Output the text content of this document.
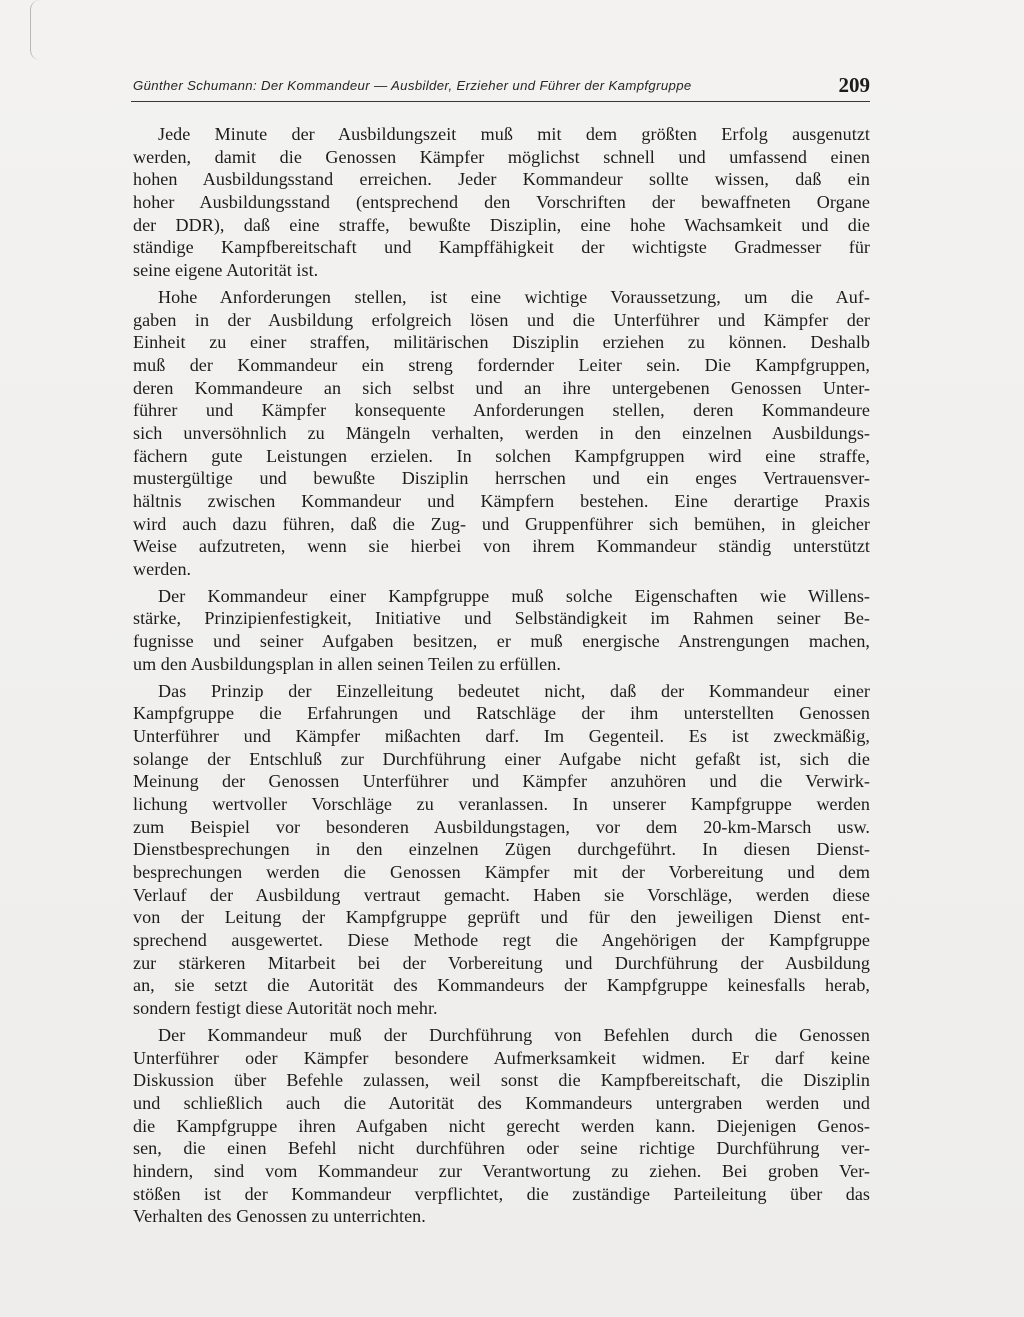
Günther Schumann: Der Kommandeur — Ausbilder, Erzieher und Führer der Kampfgruppe	209
Jede Minute der Ausbildungszeit muß mit dem größten Erfolg ausgenutzt
werden, damit die Genossen Kämpfer möglichst schnell und umfassend einen
hohen Ausbildungsstand erreichen. Jeder Kommandeur sollte wissen, daß ein
hoher Ausbildungsstand (entsprechend den Vorschriften der bewaffneten Organe
der DDR), daß eine straffe, bewußte Disziplin, eine hohe Wachsamkeit und die
ständige Kampfbereitschaft und Kampffähigkeit der wichtigste Gradmesser für
seine eigene Autorität ist.
Hohe Anforderungen stellen, ist eine wichtige Voraussetzung, um die Auf-
gaben in der Ausbildung erfolgreich lösen und die Unterführer und Kämpfer der
Einheit zu einer straffen, militärischen Disziplin erziehen zu können. Deshalb
muß der Kommandeur ein streng fordernder Leiter sein. Die Kampfgruppen,
deren Kommandeure an sich selbst und an ihre untergebenen Genossen Unter-
führer und Kämpfer konsequente Anforderungen stellen, deren Kommandeure
sich unversöhnlich zu Mängeln verhalten, werden in den einzelnen Ausbildungs-
fächern gute Leistungen erzielen. In solchen Kampfgruppen wird eine straffe,
mustergültige und bewußte Disziplin herrschen und ein enges Vertrauensver-
hältnis zwischen Kommandeur und Kämpfern bestehen. Eine derartige Praxis
wird auch dazu führen, daß die Zug- und Gruppenführer sich bemühen, in gleicher
Weise aufzutreten, wenn sie hierbei von ihrem Kommandeur ständig unterstützt
werden.
Der Kommandeur einer Kampfgruppe muß solche Eigenschaften wie Willens-
stärke, Prinzipienfestigkeit, Initiative und Selbständigkeit im Rahmen seiner Be-
fugnisse und seiner Aufgaben besitzen, er muß energische Anstrengungen machen,
um den Ausbildungsplan in allen seinen Teilen zu erfüllen.
Das Prinzip der Einzelleitung bedeutet nicht, daß der Kommandeur einer
Kampfgruppe die Erfahrungen und Ratschläge der ihm unterstellten Genossen
Unterführer und Kämpfer mißachten darf. Im Gegenteil. Es ist zweckmäßig,
solange der Entschluß zur Durchführung einer Aufgabe nicht gefaßt ist, sich die
Meinung der Genossen Unterführer und Kämpfer anzuhören und die Verwirk-
lichung wertvoller Vorschläge zu veranlassen. In unserer Kampfgruppe werden
zum Beispiel vor besonderen Ausbildungstagen, vor dem 20-km-Marsch usw.
Dienstbesprechungen in den einzelnen Zügen durchgeführt. In diesen Dienst-
besprechungen werden die Genossen Kämpfer mit der Vorbereitung und dem
Verlauf der Ausbildung vertraut gemacht. Haben sie Vorschläge, werden diese
von der Leitung der Kampfgruppe geprüft und für den jeweiligen Dienst ent-
sprechend ausgewertet. Diese Methode regt die Angehörigen der Kampfgruppe
zur stärkeren Mitarbeit bei der Vorbereitung und Durchführung der Ausbildung
an, sie setzt die Autorität des Kommandeurs der Kampfgruppe keinesfalls herab,
sondern festigt diese Autorität noch mehr.
Der Kommandeur muß der Durchführung von Befehlen durch die Genossen
Unterführer oder Kämpfer besondere Aufmerksamkeit widmen. Er darf keine
Diskussion über Befehle zulassen, weil sonst die Kampfbereitschaft, die Disziplin
und schließlich auch die Autorität des Kommandeurs untergraben werden und
die Kampfgruppe ihren Aufgaben nicht gerecht werden kann. Diejenigen Genos-
sen, die einen Befehl nicht durchführen oder seine richtige Durchführung ver-
hindern, sind vom Kommandeur zur Verantwortung zu ziehen. Bei groben Ver-
stößen ist der Kommandeur verpflichtet, die zuständige Parteileitung über das
Verhalten des Genossen zu unterrichten.
